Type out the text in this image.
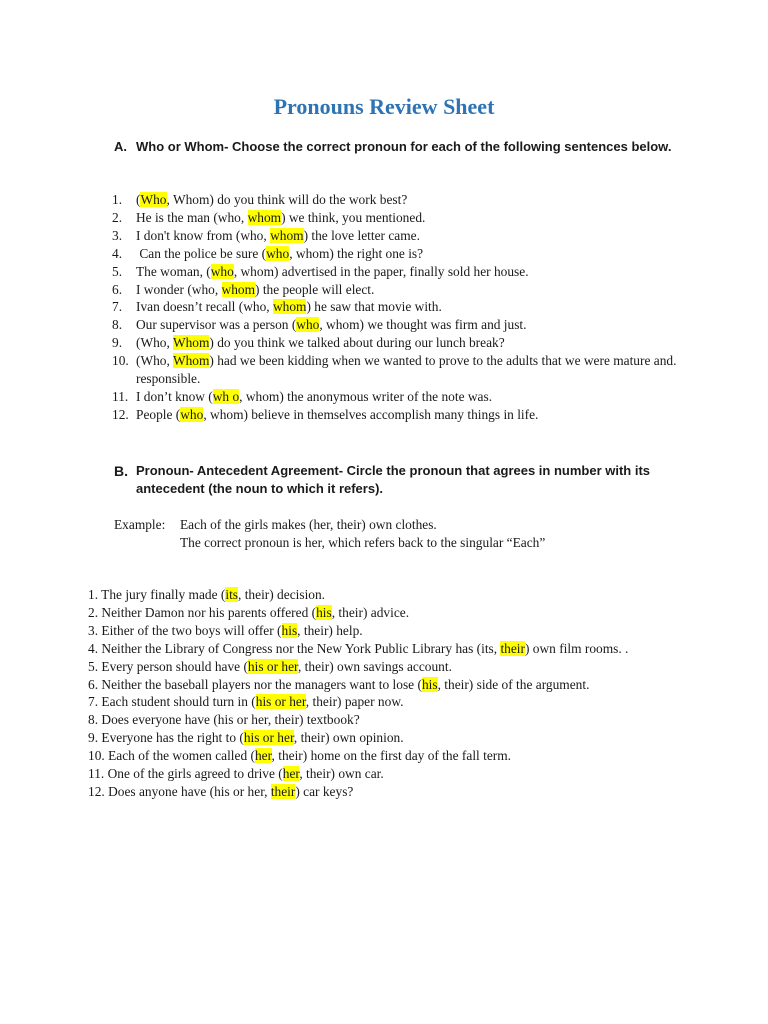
Pronouns Review Sheet
A. Who or Whom- Choose the correct pronoun for each of the following sentences below.
1. (Who, Whom) do you think will do the work best?
2. He is the man (who, whom) we think, you mentioned.
3. I don't know from (who, whom) the love letter came.
4. Can the police be sure (who, whom) the right one is?
5. The woman, (who, whom) advertised in the paper, finally sold her house.
6. I wonder (who, whom) the people will elect.
7. Ivan doesn’t recall (who, whom) he saw that movie with.
8. Our supervisor was a person (who, whom) we thought was firm and just.
9. (Who, Whom) do you think we talked about during our lunch break?
10. (Who, Whom) had we been kidding when we wanted to prove to the adults that we were mature and. responsible.
11. I don’t know (wh o, whom) the anonymous writer of the note was.
12. People (who, whom) believe in themselves accomplish many things in life.
B. Pronoun- Antecedent Agreement- Circle the pronoun that agrees in number with its antecedent (the noun to which it refers).
Example: Each of the girls makes (her, their) own clothes.
The correct pronoun is her, which refers back to the singular “Each”
1. The jury finally made (its, their) decision.
2. Neither Damon nor his parents offered (his, their) advice.
3. Either of the two boys will offer (his, their) help.
4. Neither the Library of Congress nor the New York Public Library has (its, their) own film rooms. .
5. Every person should have (his or her, their) own savings account.
6. Neither the baseball players nor the managers want to lose (his, their) side of the argument.
7. Each student should turn in (his or her, their) paper now.
8. Does everyone have (his or her, their) textbook?
9. Everyone has the right to (his or her, their) own opinion.
10. Each of the women called (her, their) home on the first day of the fall term.
11. One of the girls agreed to drive (her, their) own car.
12. Does anyone have (his or her, their) car keys?
